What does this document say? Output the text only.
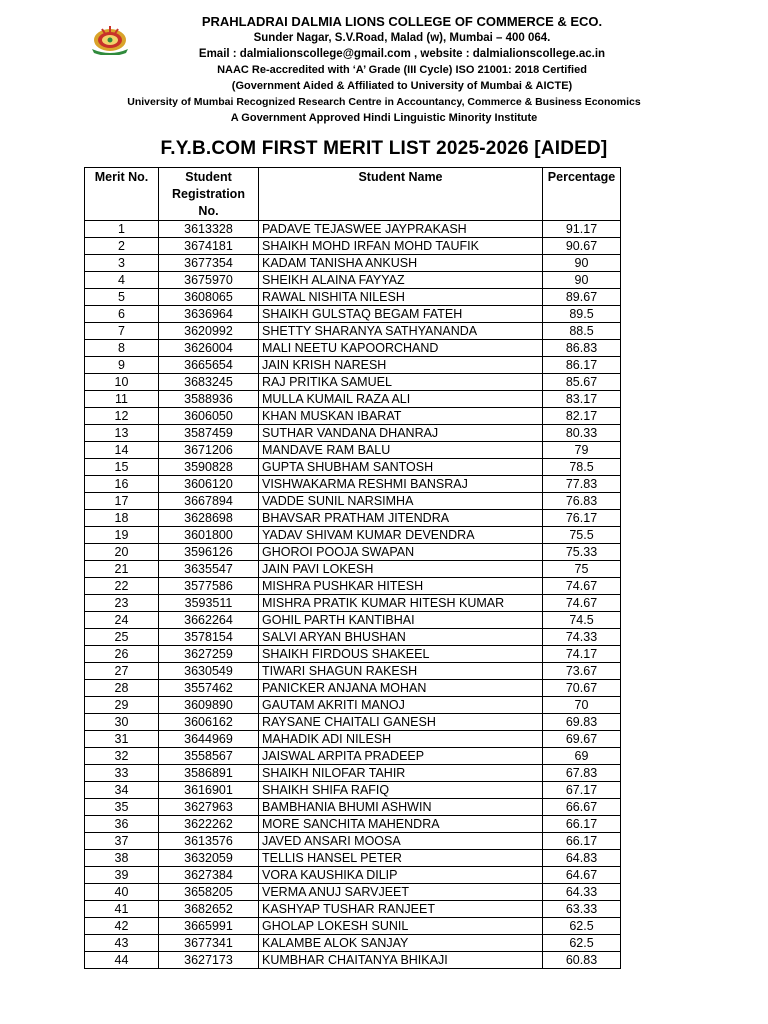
PRAHLADRAI DALMIA LIONS COLLEGE OF COMMERCE & ECO.
Sunder Nagar, S.V.Road, Malad (w), Mumbai – 400 064.
Email : dalmialionscollege@gmail.com , website : dalmialionscollege.ac.in
NAAC Re-accredited with ‘A’ Grade (III Cycle) ISO 21001: 2018 Certified
(Government Aided & Affiliated to University of Mumbai & AICTE)
University of Mumbai Recognized Research Centre in Accountancy, Commerce & Business Economics
A Government Approved Hindi Linguistic Minority Institute
F.Y.B.COM FIRST MERIT LIST 2025-2026 [AIDED]
Merit No.	Student Registration No.	Student Name	Percentage
1	3613328	PADAVE TEJASWEE JAYPRAKASH	91.17
2	3674181	SHAIKH MOHD IRFAN MOHD TAUFIK	90.67
3	3677354	KADAM TANISHA ANKUSH	90
4	3675970	SHEIKH ALAINA FAYYAZ	90
5	3608065	RAWAL NISHITA NILESH	89.67
6	3636964	SHAIKH GULSTAQ BEGAM FATEH	89.5
7	3620992	SHETTY SHARANYA SATHYANANDA	88.5
8	3626004	MALI NEETU KAPOORCHAND	86.83
9	3665654	JAIN KRISH NARESH	86.17
10	3683245	RAJ PRITIKA SAMUEL	85.67
11	3588936	MULLA KUMAIL RAZA ALI	83.17
12	3606050	KHAN MUSKAN IBARAT	82.17
13	3587459	SUTHAR VANDANA DHANRAJ	80.33
14	3671206	MANDAVE RAM BALU	79
15	3590828	GUPTA SHUBHAM SANTOSH	78.5
16	3606120	VISHWAKARMA RESHMI BANSRAJ	77.83
17	3667894	VADDE SUNIL NARSIMHA	76.83
18	3628698	BHAVSAR PRATHAM JITENDRA	76.17
19	3601800	YADAV SHIVAM KUMAR DEVENDRA	75.5
20	3596126	GHOROI POOJA SWAPAN	75.33
21	3635547	JAIN PAVI LOKESH	75
22	3577586	MISHRA PUSHKAR HITESH	74.67
23	3593511	MISHRA PRATIK KUMAR HITESH KUMAR	74.67
24	3662264	GOHIL PARTH KANTIBHAI	74.5
25	3578154	SALVI ARYAN BHUSHAN	74.33
26	3627259	SHAIKH FIRDOUS SHAKEEL	74.17
27	3630549	TIWARI SHAGUN RAKESH	73.67
28	3557462	PANICKER ANJANA MOHAN	70.67
29	3609890	GAUTAM AKRITI MANOJ	70
30	3606162	RAYSANE CHAITALI GANESH	69.83
31	3644969	MAHADIK ADI NILESH	69.67
32	3558567	JAISWAL ARPITA PRADEEP	69
33	3586891	SHAIKH NILOFAR TAHIR	67.83
34	3616901	SHAIKH SHIFA RAFIQ	67.17
35	3627963	BAMBHANIA BHUMI ASHWIN	66.67
36	3622262	MORE SANCHITA MAHENDRA	66.17
37	3613576	JAVED ANSARI MOOSA	66.17
38	3632059	TELLIS HANSEL PETER	64.83
39	3627384	VORA KAUSHIKA DILIP	64.67
40	3658205	VERMA ANUJ SARVJEET	64.33
41	3682652	KASHYAP TUSHAR RANJEET	63.33
42	3665991	GHOLAP LOKESH SUNIL	62.5
43	3677341	KALAMBE ALOK SANJAY	62.5
44	3627173	KUMBHAR CHAITANYA BHIKAJI	60.83
